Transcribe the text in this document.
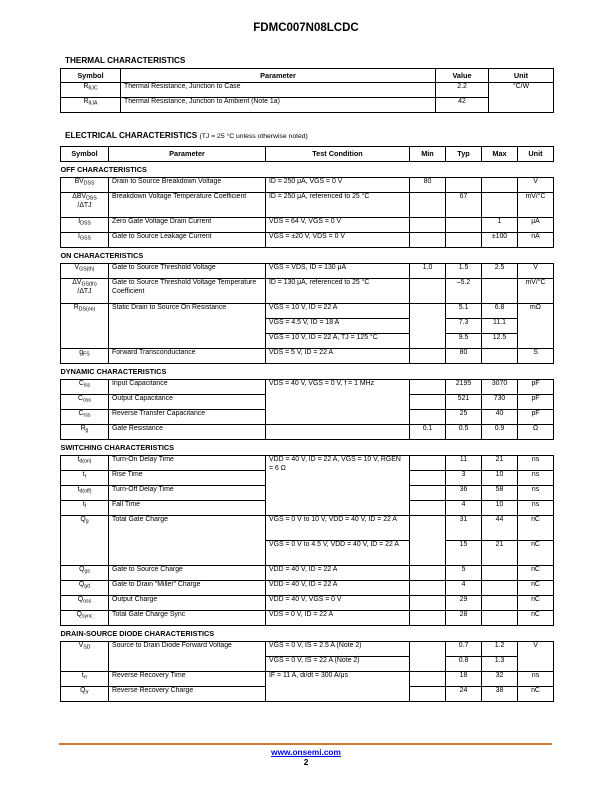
FDMC007N08LCDC
THERMAL CHARACTERISTICS
Symbol	Parameter	Value	Unit
$R_{\theta JC}$	Thermal Resistance, Junction to Case	2.2	°C/W
$R_{\theta JA}$	Thermal Resistance, Junction to Ambient (Note 1a)	42	
ELECTRICAL CHARACTERISTICS (TJ = 25 °C unless otherwise noted)
Symbol	Parameter	Test Condition	Min	Typ	Max	Unit
OFF CHARACTERISTICS						
$BV_{DSS}$	Drain to Source Breakdown Voltage	ID = 250 μA, VGS = 0 V	80			V
$\Delta BV_{DSS}$
/ΔTJ	Breakdown Voltage Temperature Coefficient	ID = 250 μA, referenced to 25 °C		67		mV/°C
$I_{DSS}$	Zero Gate Voltage Drain Current	VDS = 64 V, VGS = 0 V			1	μA
$I_{GSS}$	Gate to Source Leakage Current	VGS = ±20 V, VDS = 0 V			±100	nA
ON CHARACTERISTICS						
$V_{GS(th)}$	Gate to Source Threshold Voltage	VGS = VDS, ID = 130 μA	1.0	1.5	2.5	V
$\Delta V_{GS(th)}$
/ΔTJ	Gate to Source Threshold Voltage Temperature Coefficient	ID = 130 μA, referenced to 25 °C		–5.2		mV/°C
$R_{DS(on)}$	Static Drain to Source On Resistance	VGS = 10 V, ID = 22 A		5.1	6.8	mΩ
		VGS = 4.5 V, ID = 18 A		7.3	11.1	
		VGS = 10 V, ID = 22 A, TJ = 125 °C		9.5	12.5	
$g_{FS}$	Forward Transconductance	VDS = 5 V, ID = 22 A		80		S
DYNAMIC CHARACTERISTICS						
$C_{iss}$	Input Capacitance	VDS = 40 V, VGS = 0 V, f = 1 MHz		2195	3070	pF
$C_{oss}$	Output Capacitance			521	730	pF
$C_{rss}$	Reverse Transfer Capacitance			25	40	pF
$R_g$	Gate Resistance		0.1	0.5	0.9	Ω
SWITCHING CHARACTERISTICS						
$t_{d(on)}$	Turn-On Delay Time	VDD = 40 V, ID = 22 A, VGS = 10 V, RGEN = 6 Ω		11	21	ns
$t_r$	Rise Time			3	10	ns
$t_{d(off)}$	Turn-Off Delay Time			36	58	ns
$t_f$	Fall Time			4	10	ns
$Q_g$	Total Gate Charge	VGS = 0 V to 10 V, VDD = 40 V, ID = 22 A		31	44	nC
		VGS = 0 V to 4.5 V, VDD = 40 V, ID = 22 A		15	21	nC
$Q_{gs}$	Gate to Source Charge	VDD = 40 V, ID = 22 A		5		nC
$Q_{gd}$	Gate to Drain “Miller” Charge	VDD = 40 V, ID = 22 A		4		nC
$Q_{oss}$	Output Charge	VDD = 40 V, VGS = 0 V		29		nC
$Q_{sync}$	Total Gate Charge Sync	VDS = 0 V, ID = 22 A		28		nC
DRAIN-SOURCE DIODE CHARACTERISTICS						
$V_{SD}$	Source to Drain Diode Forward Voltage	VGS = 0 V, IS = 2.5 A (Note 2)		0.7	1.2	V
		VGS = 0 V, IS = 22 A (Note 2)		0.8	1.3	
$t_{rr}$	Reverse Recovery Time	IF = 11 A, di/dt = 300 A/μs		18	32	ns
$Q_{rr}$	Reverse Recovery Charge			24	38	nC
www.onsemi.com
2
